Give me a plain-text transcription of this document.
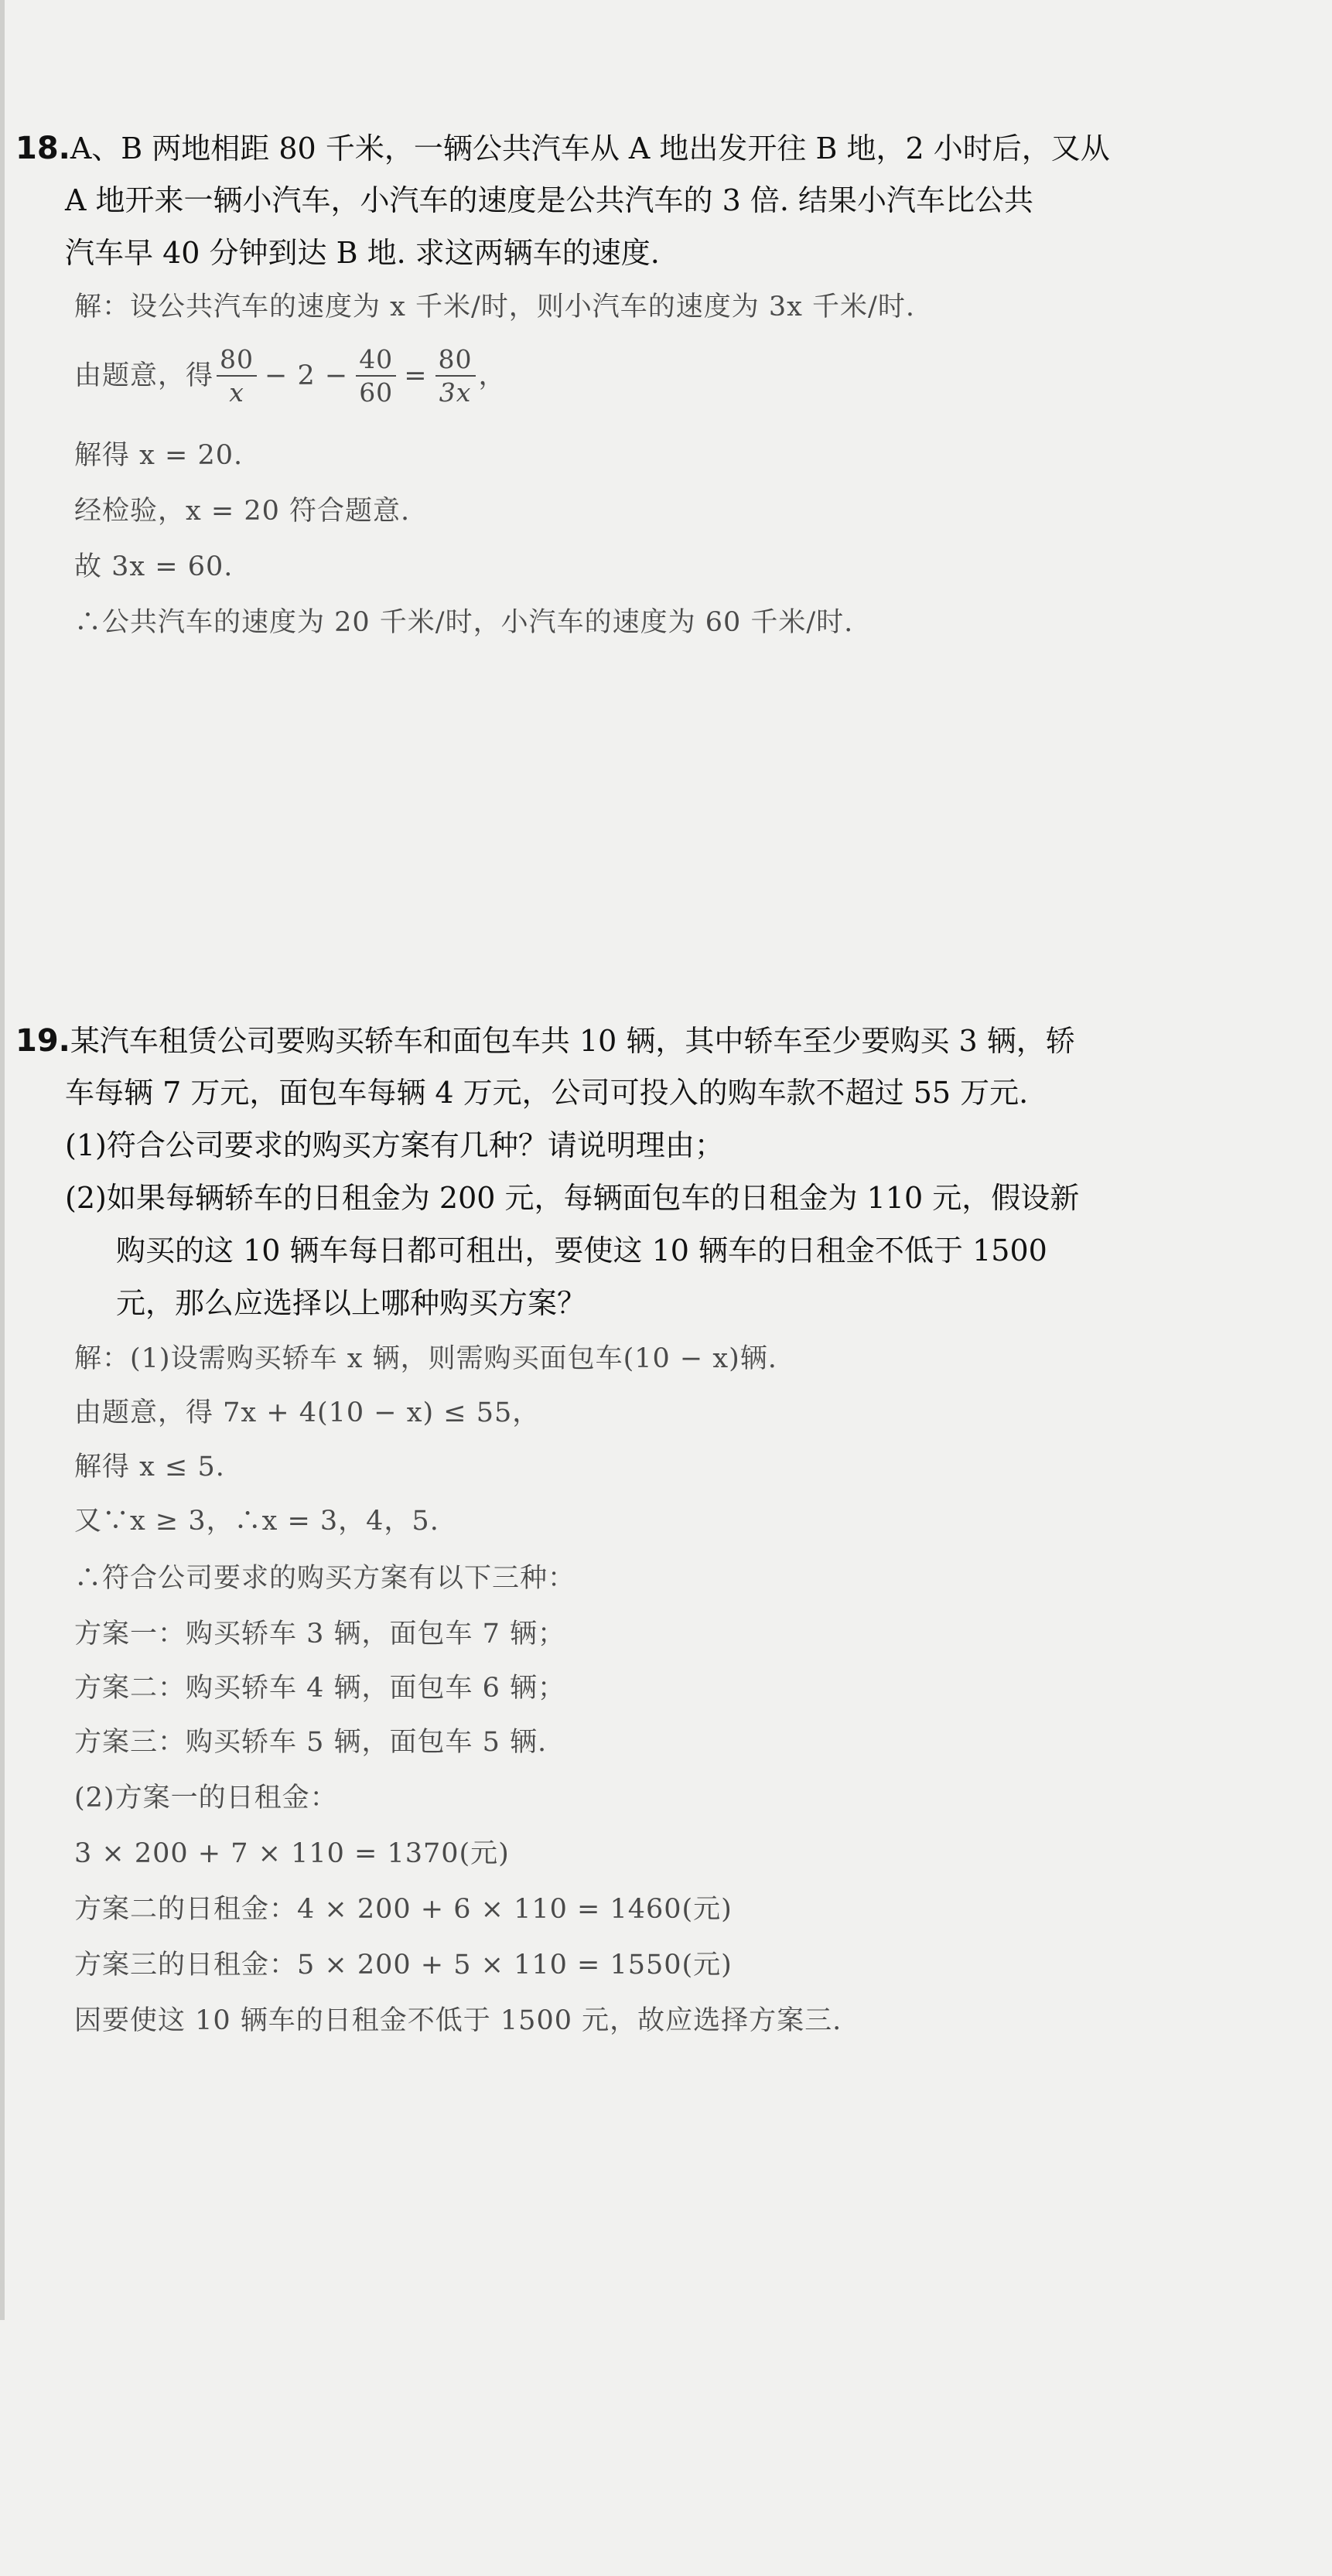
18.A、B 两地相距 80 千米，一辆公共汽车从 A 地出发开往 B 地，2 小时后，又从
A 地开来一辆小汽车，小汽车的速度是公共汽车的 3 倍. 结果小汽车比公共
汽车早 40 分钟到达 B 地. 求这两辆车的速度.
解：设公共汽车的速度为 x 千米/时，则小汽车的速度为 3x 千米/时.
由题意，得 $\frac{80}{x} - 2 - \frac{40}{60} = \frac{80}{3x}$ ，
解得 x = 20.
经检验，x = 20 符合题意.
故 3x = 60.
∴公共汽车的速度为 20 千米/时，小汽车的速度为 60 千米/时.
19.某汽车租赁公司要购买轿车和面包车共 10 辆，其中轿车至少要购买 3 辆，轿
车每辆 7 万元，面包车每辆 4 万元，公司可投入的购车款不超过 55 万元.
(1)符合公司要求的购买方案有几种？请说明理由；
(2)如果每辆轿车的日租金为 200 元，每辆面包车的日租金为 110 元，假设新
购买的这 10 辆车每日都可租出，要使这 10 辆车的日租金不低于 1500
元，那么应选择以上哪种购买方案？
解：(1)设需购买轿车 x 辆，则需购买面包车(10 − x)辆.
由题意，得 7x + 4(10 − x) ≤ 55，
解得 x ≤ 5.
又∵x ≥ 3，∴x = 3，4，5.
∴符合公司要求的购买方案有以下三种：
方案一：购买轿车 3 辆，面包车 7 辆；
方案二：购买轿车 4 辆，面包车 6 辆；
方案三：购买轿车 5 辆，面包车 5 辆.
(2)方案一的日租金：
3 × 200 + 7 × 110 = 1370(元)
方案二的日租金：4 × 200 + 6 × 110 = 1460(元)
方案三的日租金：5 × 200 + 5 × 110 = 1550(元)
因要使这 10 辆车的日租金不低于 1500 元，故应选择方案三.
